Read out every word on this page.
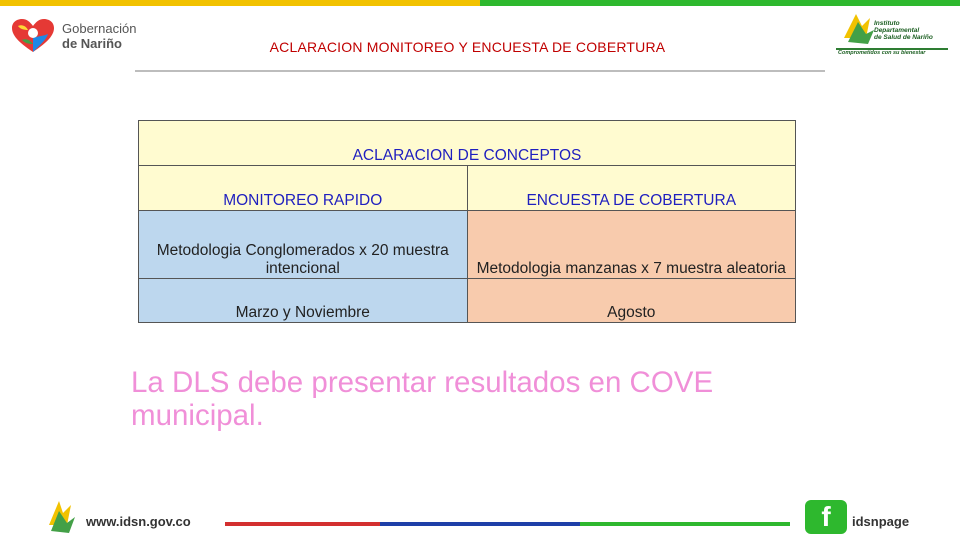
Gobernación
de Nariño	ACLARACION MONITOREO Y ENCUESTA DE COBERTURA
Instituto
Departamental
de Salud de Nariño
Comprometidos con su bienestar
ACLARACION DE CONCEPTOS	
MONITOREO RAPIDO	ENCUESTA DE COBERTURA
Metodologia Conglomerados x 20 muestra intencional	Metodologia manzanas x 7 muestra aleatoria
Marzo y Noviembre	Agosto
La DLS debe presentar resultados en COVE municipal.
www.idsn.gov.co	f	idsnpage
